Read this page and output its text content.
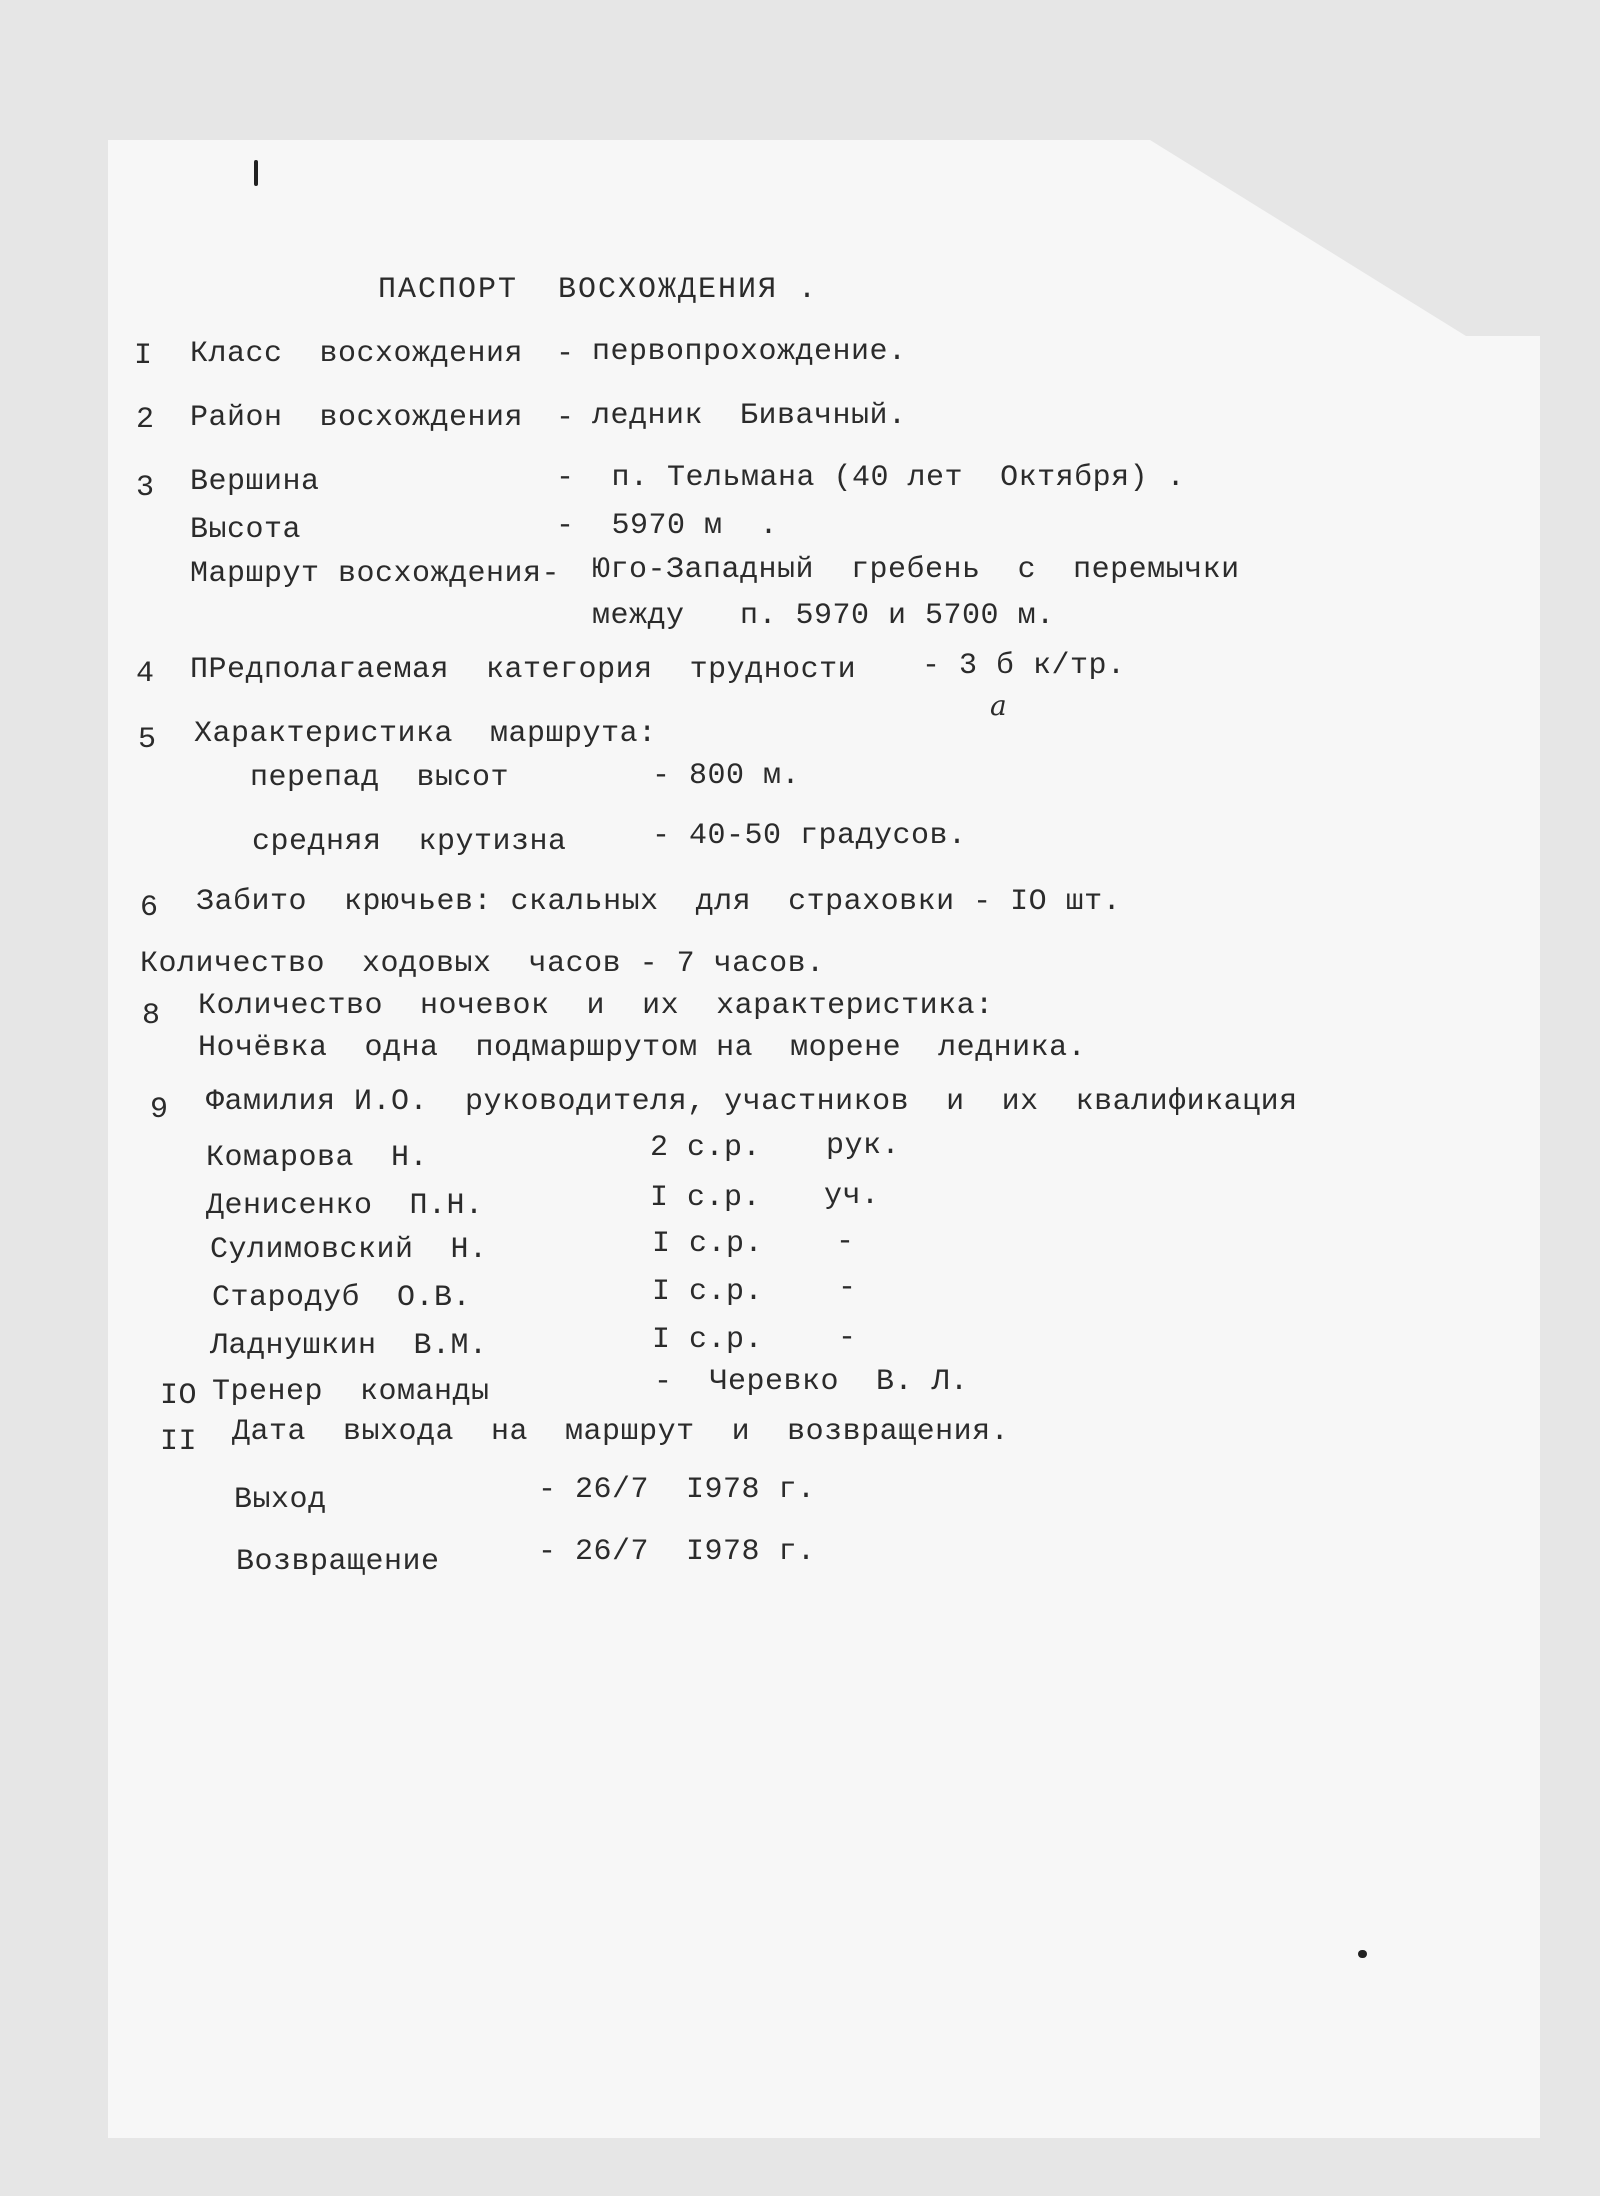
ПАСПОРТ  ВОСХОЖДЕНИЯ .
I Класс  восхождения - первопрохождение.
2 Район  восхождения - ледник  Бивачный.
3 Вершина	-  п. Тельмана (40 лет  Октября) .
Высота	-  5970 м  .
Маршрут восхождения- Юго-Западный  гребень  с  перемычки
между   п. 5970 и 5700 м.
4 ПРедполагаемая  категория  трудности - 3 б к/тр.
a
5 Характеристика  маршрута:
перепад  высот	- 800 м.
средняя  крутизна	- 40-50 градусов.
6 Забито  крючьев: скальных  для  страховки - IO шт.
Количество  ходовых  часов - 7 часов.
8 Количество  ночевок  и  их  характеристика:
Ночёвка  одна  подмаршрутом на  морене  ледника.
9 Фамилия И.О.  руководителя, участников  и  их  квалификация
Комарова  Н.	2 с.р. рук.
Денисенко  П.Н.	I с.р. уч.
Сулимовский  Н.	I с.р. -
Стародуб  О.В.	I с.р. -
Ладнушкин  В.М.	I с.р. -
IO Тренер  команды	-  Черевко  В. Л.
II Дата  выхода  на  маршрут  и  возвращения.
Выход	- 26/7  I978 г.
Возвращение	- 26/7  I978 г.
